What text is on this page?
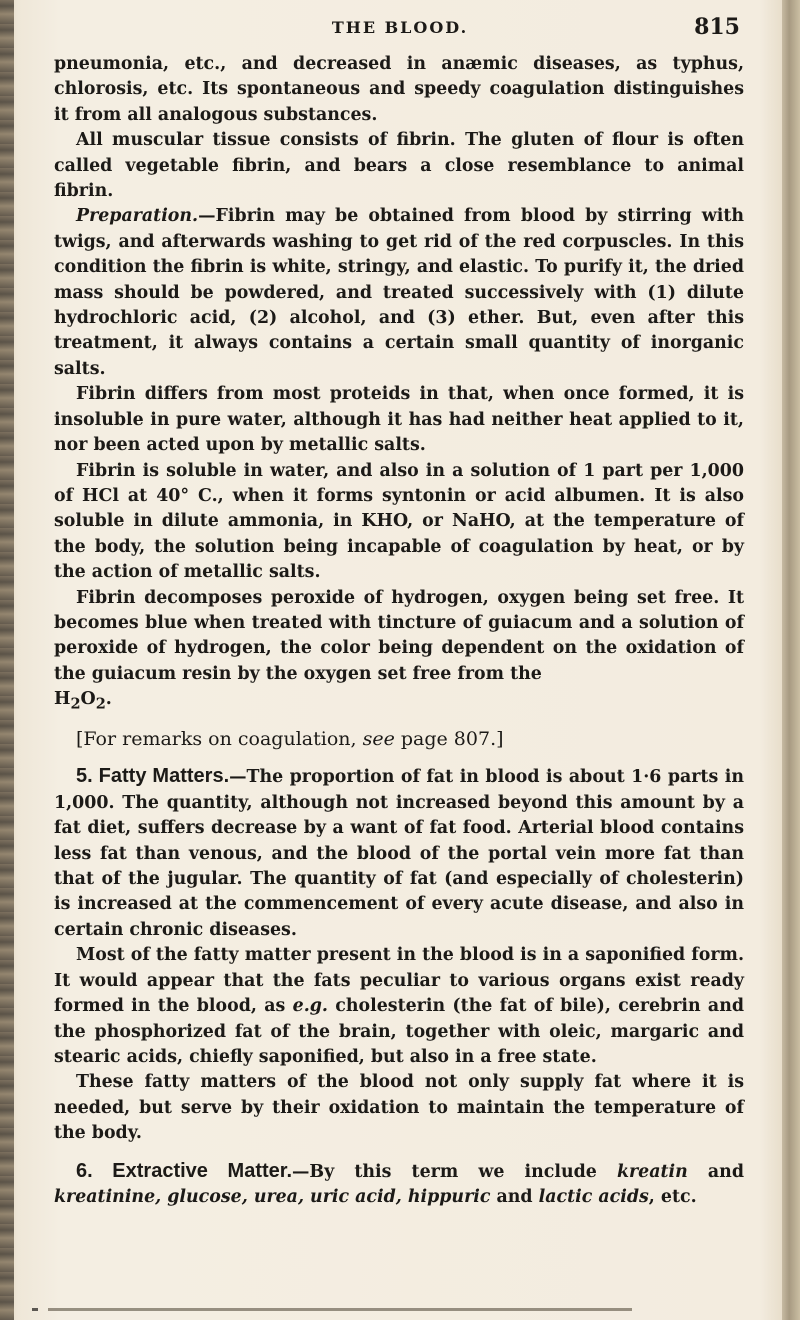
THE BLOOD.	815

pneumonia, etc., and decreased in anæmic diseases, as typhus, chlorosis, etc. Its spontaneous and speedy coagulation distinguishes it from all analogous substances.

All muscular tissue consists of fibrin. The gluten of flour is often called vegetable fibrin, and bears a close resemblance to animal fibrin.

Preparation.—Fibrin may be obtained from blood by stirring with twigs, and afterwards washing to get rid of the red corpuscles. In this condition the fibrin is white, stringy, and elastic. To purify it, the dried mass should be powdered, and treated successively with (1) dilute hydrochloric acid, (2) alcohol, and (3) ether. But, even after this treatment, it always contains a certain small quantity of inorganic salts.

Fibrin differs from most proteids in that, when once formed, it is insoluble in pure water, although it has had neither heat applied to it, nor been acted upon by metallic salts.

Fibrin is soluble in water, and also in a solution of 1 part per 1,000 of HCl at 40° C., when it forms syntonin or acid albumen. It is also soluble in dilute ammonia, in KHO, or NaHO, at the temperature of the body, the solution being incapable of coagulation by heat, or by the action of metallic salts.

Fibrin decomposes peroxide of hydrogen, oxygen being set free. It becomes blue when treated with tincture of guiacum and a solution of peroxide of hydrogen, the color being dependent on the oxidation of the guiacum resin by the oxygen set free from the

$H_2O_2$.

[For remarks on coagulation, see page 807.]

5. Fatty Matters.—The proportion of fat in blood is about 1·6 parts in 1,000. The quantity, although not increased beyond this amount by a fat diet, suffers decrease by a want of fat food. Arterial blood contains less fat than venous, and the blood of the portal vein more fat than that of the jugular. The quantity of fat (and especially of cholesterin) is increased at the commencement of every acute disease, and also in certain chronic diseases.

Most of the fatty matter present in the blood is in a saponified form. It would appear that the fats peculiar to various organs exist ready formed in the blood, as e.g. cholesterin (the fat of bile), cerebrin and the phosphorized fat of the brain, together with oleic, margaric and stearic acids, chiefly saponified, but also in a free state.

These fatty matters of the blood not only supply fat where it is needed, but serve by their oxidation to maintain the temperature of the body.

6. Extractive Matter.—By this term we include kreatin and kreatinine, glucose, urea, uric acid, hippuric and lactic acids, etc.
